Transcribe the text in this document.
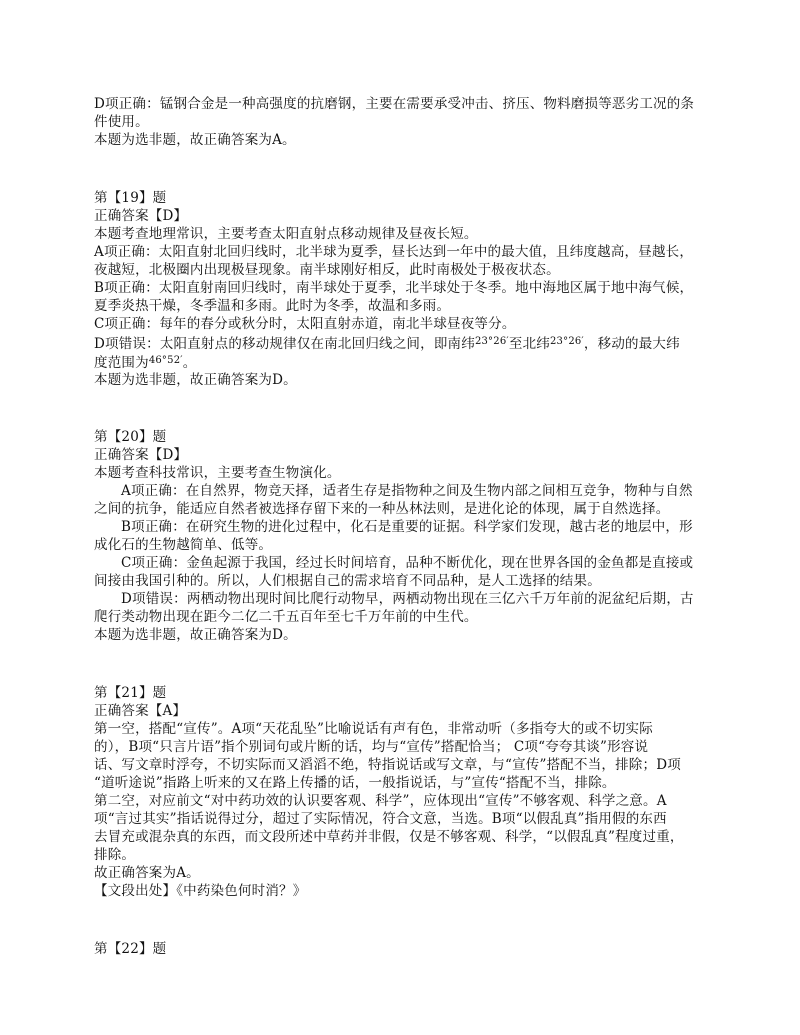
D项正确：锰钢合金是一种高强度的抗磨钢，主要在需要承受冲击、挤压、物料磨损等恶劣工况的条
件使用。
本题为选非题，故正确答案为A。
第【19】题
正确答案【D】
本题考查地理常识，主要考查太阳直射点移动规律及昼夜长短。
A项正确：太阳直射北回归线时，北半球为夏季，昼长达到一年中的最大值，且纬度越高，昼越长，
夜越短，北极圈内出现极昼现象。南半球刚好相反，此时南极处于极夜状态。
B项正确：太阳直射南回归线时，南半球处于夏季，北半球处于冬季。地中海地区属于地中海气候，
夏季炎热干燥，冬季温和多雨。此时为冬季，故温和多雨。
C项正确：每年的春分或秋分时，太阳直射赤道，南北半球昼夜等分。
D项错误：太阳直射点的移动规律仅在南北回归线之间，即南纬$^{23^\circ 26'}$至北纬$^{23^\circ 26'}$，移动的最大纬
度范围为$^{46^\circ 52'}$。
本题为选非题，故正确答案为D。
第【20】题
正确答案【D】
本题考查科技常识，主要考查生物演化。
A项正确：在自然界，物竞天择，适者生存是指物种之间及生物内部之间相互竞争，物种与自然
之间的抗争，能适应自然者被选择存留下来的一种丛林法则，是进化论的体现，属于自然选择。
B项正确：在研究生物的进化过程中，化石是重要的证据。科学家们发现，越古老的地层中，形
成化石的生物越简单、低等。
C项正确：金鱼起源于我国，经过长时间培育，品种不断优化，现在世界各国的金鱼都是直接或
间接由我国引种的。所以，人们根据自己的需求培育不同品种，是人工选择的结果。
D项错误：两栖动物出现时间比爬行动物早，两栖动物出现在三亿六千万年前的泥盆纪后期，古
爬行类动物出现在距今二亿二千五百年至七千万年前的中生代。
本题为选非题，故正确答案为D。
第【21】题
正确答案【A】
第一空，搭配“宣传”。A项“天花乱坠”比喻说话有声有色，非常动听（多指夸大的或不切实际
的），B项“只言片语”指个别词句或片断的话，均与“宣传”搭配恰当； C项“夸夸其谈”形容说
话、写文章时浮夸，不切实际而又滔滔不绝，特指说话或写文章，与“宣传”搭配不当，排除；D项
“道听途说”指路上听来的又在路上传播的话，一般指说话，与”宣传“搭配不当，排除。
第二空，对应前文“对中药功效的认识要客观、科学”，应体现出“宣传”不够客观、科学之意。A
项“言过其实”指话说得过分，超过了实际情况，符合文意，当选。B项“以假乱真”指用假的东西
去冒充或混杂真的东西，而文段所述中草药并非假，仅是不够客观、科学，“以假乱真”程度过重，
排除。
故正确答案为A。
【文段出处】《中药染色何时消？》
第【22】题
